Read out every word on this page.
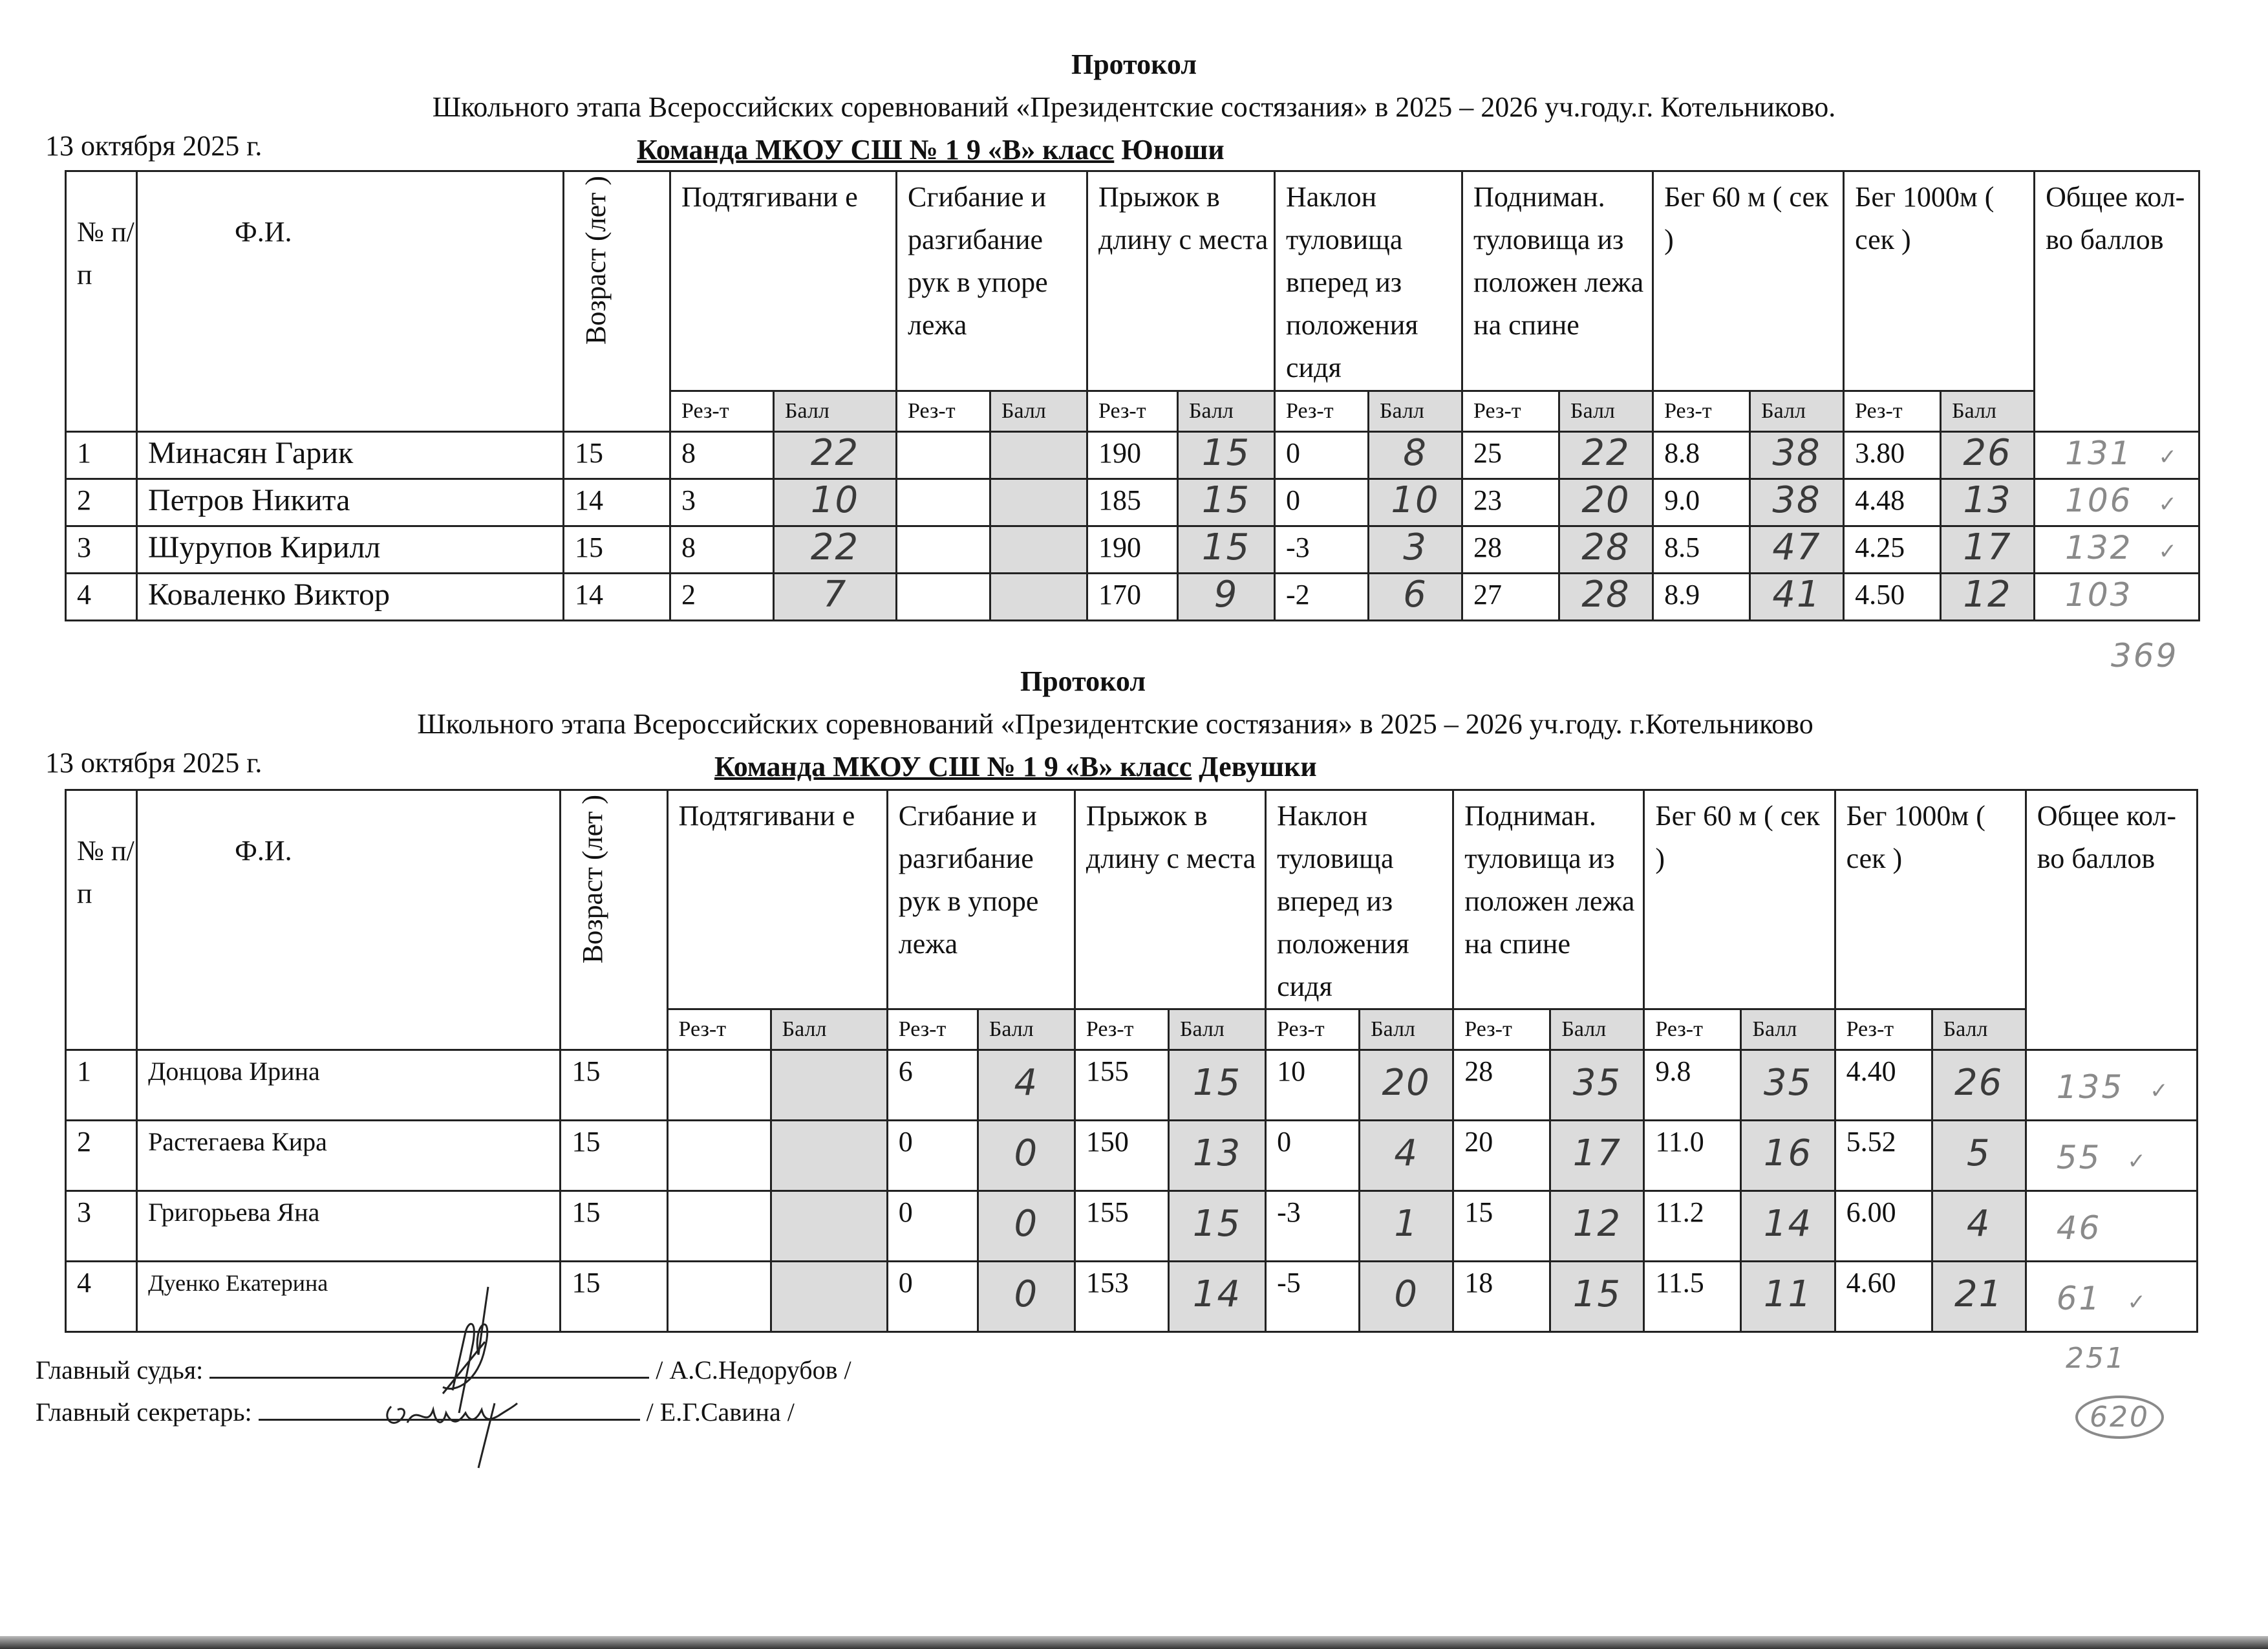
Протокол
Школьного этапа Всероссийских соревнований «Президентские состязания» в 2025 – 2026 уч.году.г. Котельниково.
13 октября 2025 г.	Команда МКОУ СШ № 1 9 «В» класс Юноши
№ п/п	Ф.И.	Возраст (лет )	Подтягивани е		Сгибание и разгибание рук в упоре лежа		Прыжок в длину с места		Наклон туловища вперед из положения сидя		Подниман. туловища из положен лежа на спине		Бег 60 м ( сек )		Бег 1000м ( сек )		Общее кол-во баллов
			Рез-т	Балл	Рез-т	Балл	Рез-т	Балл	Рез-т	Балл	Рез-т	Балл	Рез-т	Балл	Рез-т	Балл	
1	Минасян Гарик	15	8	22			190	15	0	8	25	22	8.8	38	3.80	26	131 ✓

2	Петров Никита	14	3	10			185	15	0	10	23	20	9.0	38	4.48	13	106 ✓

3	Шурупов Кирилл	15	8	22			190	15	-3	3	28	28	8.5	47	4.25	17	132 ✓

4	Коваленко Виктор	14	2	7			170	9	-2	6	27	28	8.9	41	4.50	12	103
369
Протокол
Школьного этапа Всероссийских соревнований «Президентские состязания» в 2025 – 2026 уч.году. г.Котельниково
13 октября 2025 г.	Команда МКОУ СШ № 1 9 «В» класс Девушки
№ п/п	Ф.И.	Возраст (лет )	Подтягивани е		Сгибание и разгибание рук в упоре лежа		Прыжок в длину с места		Наклон туловища вперед из положения сидя		Подниман. туловища из положен лежа на спине		Бег 60 м ( сек )		Бег 1000м ( сек )		Общее кол-во баллов
			Рез-т	Балл	Рез-т	Балл	Рез-т	Балл	Рез-т	Балл	Рез-т	Балл	Рез-т	Балл	Рез-т	Балл	
1	Донцова Ирина	15			6	4	155	15	10	20	28	35	9.8	35	4.40	26	135 ✓

2	Растегаева Кира	15			0	0	150	13	0	4	20	17	11.0	16	5.52	5	55 ✓

3	Григорьева Яна	15			0	0	155	15	-3	1	15	12	11.2	14	6.00	4	46

4	Дуенко Екатерина	15			0	0	153	14	-5	0	18	15	11.5	11	4.60	21	61 ✓
Главный судья:	/ А.С.Недорубов /
Главный секретарь:	/ Е.Г.Савина /
251
620
